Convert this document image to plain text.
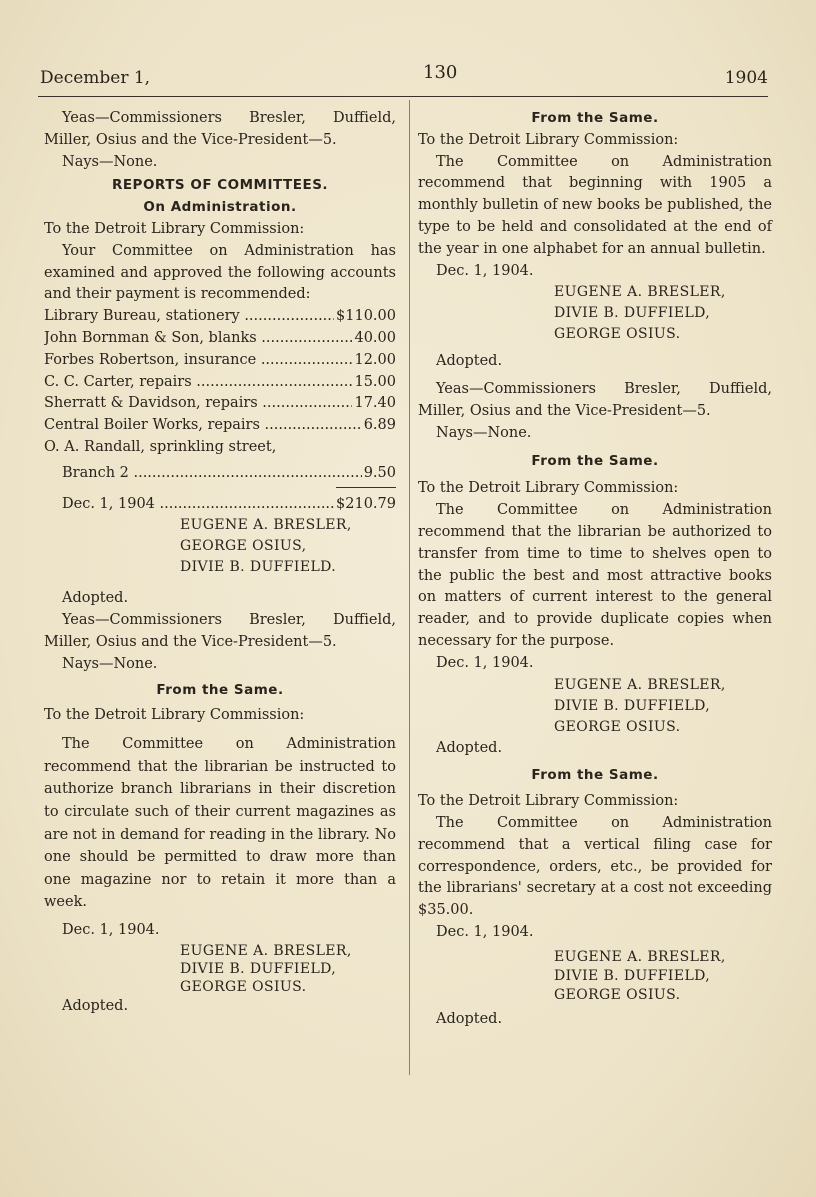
December 1,	130	1904

Yeas—Commissioners Bresler, Duffield, Miller, Osius and the Vice-President—5.

Nays—None.

REPORTS OF COMMITTEES.

On Administration.

To the Detroit Library Commission:

Your Committee on Administration has examined and approved the following accounts and their payment is recommended:

Library Bureau, stationery .....	$110.00
John Bornman & Son, blanks .....	40.00
Forbes Robertson, insurance .....	12.00
C. C. Carter, repairs .....	15.00
Sherratt & Davidson, repairs .....	17.40
Central Boiler Works, repairs .....	6.89

O. A. Randall, sprinkling street,

Branch 2 .....	9.50
Dec. 1, 1904 .....	$210.79
EUGENE A. BRESLER,
GEORGE OSIUS,
DIVIE B. DUFFIELD.

Adopted.

Yeas—Commissioners Bresler, Duffield, Miller, Osius and the Vice-President—5.

Nays—None.

From the Same.

To the Detroit Library Commission:

The Committee on Administration recommend that the librarian be instructed to authorize branch librarians in their discretion to circulate such of their current magazines as are not in demand for reading in the library. No one should be permitted to draw more than one magazine nor to retain it more than a week.

Dec. 1, 1904.

EUGENE A. BRESLER,
DIVIE B. DUFFIELD,
GEORGE OSIUS.

Adopted.

From the Same.

To the Detroit Library Commission:

The Committee on Administration recommend that beginning with 1905 a monthly bulletin of new books be published, the type to be held and consolidated at the end of the year in one alphabet for an annual bulletin.

Dec. 1, 1904.

EUGENE A. BRESLER,
DIVIE B. DUFFIELD,
GEORGE OSIUS.

Adopted.

Yeas—Commissioners Bresler, Duffield, Miller, Osius and the Vice-President—5.

Nays—None.

From the Same.

To the Detroit Library Commission:

The Committee on Administration recommend that the librarian be authorized to transfer from time to time to shelves open to the public the best and most attractive books on matters of current interest to the general reader, and to provide duplicate copies when necessary for the purpose.

Dec. 1, 1904.

EUGENE A. BRESLER,
DIVIE B. DUFFIELD,
GEORGE OSIUS.

Adopted.

From the Same.

To the Detroit Library Commission:

The Committee on Administration recommend that a vertical filing case for correspondence, orders, etc., be provided for the librarians' secretary at a cost not exceeding $35.00.

Dec. 1, 1904.

EUGENE A. BRESLER,
DIVIE B. DUFFIELD,
GEORGE OSIUS.

Adopted.
